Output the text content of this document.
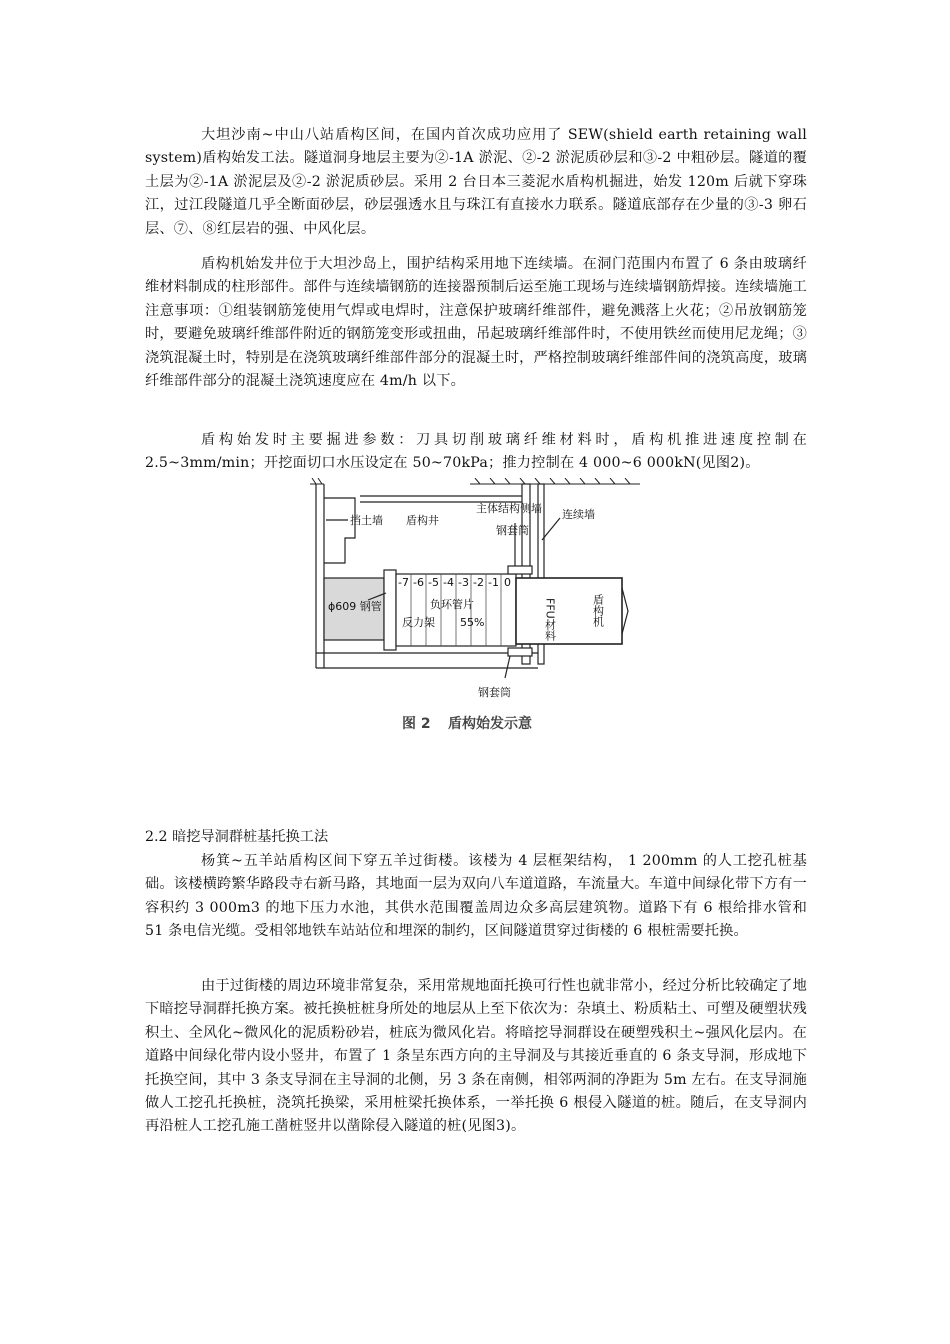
大坦沙南~中山八站盾构区间，在国内首次成功应用了 SEW(shield earth retaining wall system)盾构始发工法。隧道洞身地层主要为②-1A 淤泥、②-2 淤泥质砂层和③-2 中粗砂层。隧道的覆土层为②-1A 淤泥层及②-2 淤泥质砂层。采用 2 台日本三菱泥水盾构机掘进，始发 120m 后就下穿珠江，过江段隧道几乎全断面砂层，砂层强透水且与珠江有直接水力联系。隧道底部存在少量的③-3 卵石层、⑦、⑧红层岩的强、中风化层。
盾构机始发井位于大坦沙岛上，围护结构采用地下连续墙。在洞门范围内布置了 6 条由玻璃纤维材料制成的柱形部件。部件与连续墙钢筋的连接器预制后运至施工现场与连续墙钢筋焊接。连续墙施工注意事项：①组装钢筋笼使用气焊或电焊时，注意保护玻璃纤维部件，避免溅落上火花；②吊放钢筋笼时，要避免玻璃纤维部件附近的钢筋笼变形或扭曲，吊起玻璃纤维部件时，不使用铁丝而使用尼龙绳；③浇筑混凝土时，特别是在浇筑玻璃纤维部件部分的混凝土时，严格控制玻璃纤维部件间的浇筑高度，玻璃纤维部件部分的混凝土浇筑速度应在 4m/h 以下。
盾构始发时主要掘进参数：刀具切削玻璃纤维材料时，盾构机推进速度控制在 2.5~3mm/min；开挖面切口水压设定在 50~70kPa；推力控制在 4 000~6 000kN(见图2)。
-7 -6 -5 -4 -3 -2 -1 0
挡土墙 盾构井
主体结构侧墙 连续墙
钢套筒
ϕ609 钢管	负环管片
反力架 55%
钢套筒
FFU材料	盾构机
图 2 盾构始发示意
2.2 暗挖导洞群桩基托换工法
杨箕~五羊站盾构区间下穿五羊过街楼。该楼为 4 层框架结构， 1 200mm 的人工挖孔桩基础。该楼横跨繁华路段寺右新马路，其地面一层为双向八车道道路，车流量大。车道中间绿化带下方有一容积约 3 000m3 的地下压力水池，其供水范围覆盖周边众多高层建筑物。道路下有 6 根给排水管和 51 条电信光缆。受相邻地铁车站站位和埋深的制约，区间隧道贯穿过街楼的 6 根桩需要托换。
由于过街楼的周边环境非常复杂，采用常规地面托换可行性也就非常小，经过分析比较确定了地下暗挖导洞群托换方案。被托换桩桩身所处的地层从上至下依次为：杂填土、粉质粘土、可塑及硬塑状残积土、全风化~微风化的泥质粉砂岩，桩底为微风化岩。将暗挖导洞群设在硬塑残积土~强风化层内。在道路中间绿化带内设小竖井，布置了 1 条呈东西方向的主导洞及与其接近垂直的 6 条支导洞，形成地下托换空间，其中 3 条支导洞在主导洞的北侧，另 3 条在南侧，相邻两洞的净距为 5m 左右。在支导洞施做人工挖孔托换桩，浇筑托换梁，采用桩梁托换体系，一举托换 6 根侵入隧道的桩。随后，在支导洞内再沿桩人工挖孔施工凿桩竖井以凿除侵入隧道的桩(见图3)。
